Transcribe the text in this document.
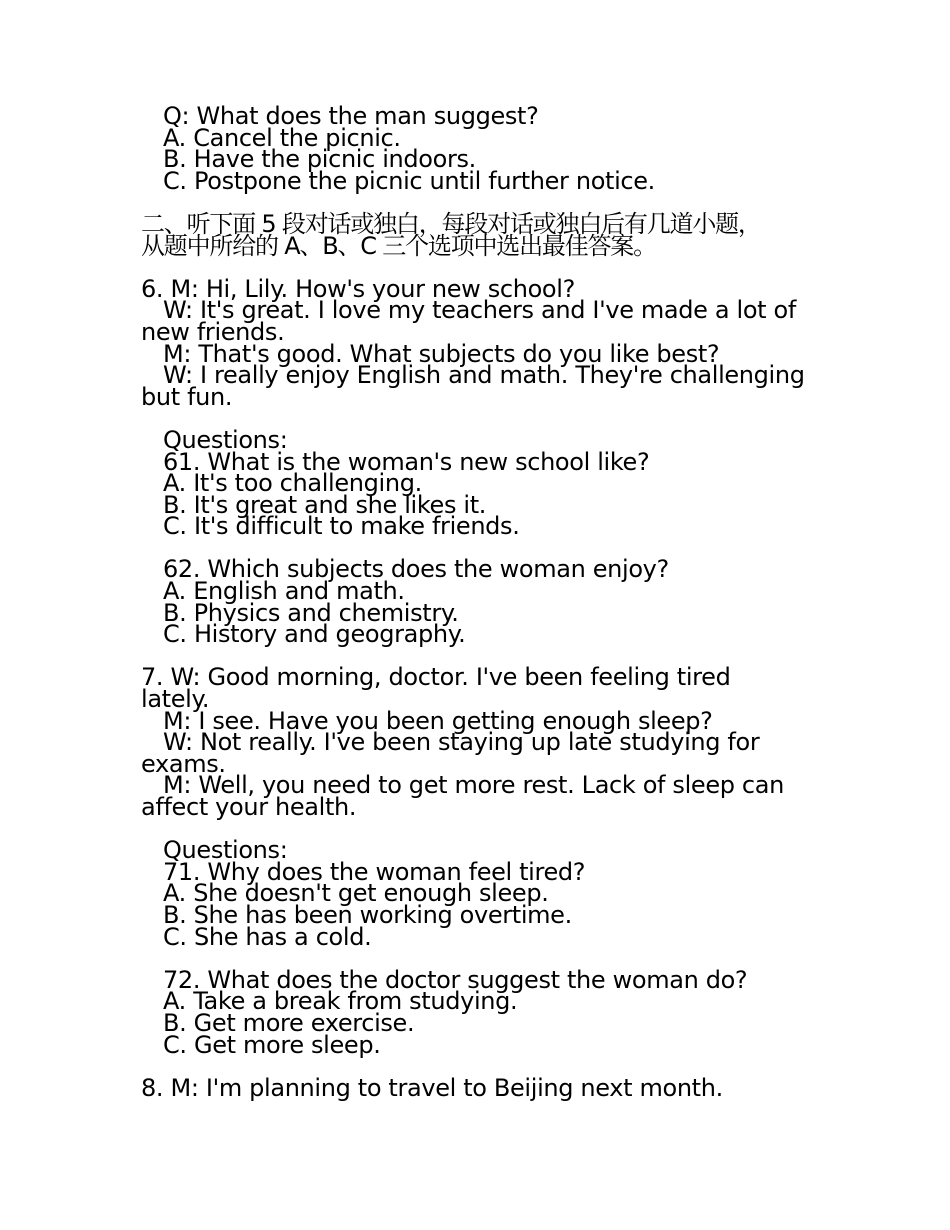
Q: What does the man suggest?
A. Cancel the picnic.
B. Have the picnic indoors.
C. Postpone the picnic until further notice.
二、听下面 5 段对话或独白，每段对话或独白后有几道小题，
从题中所给的 A、B、C 三个选项中选出最佳答案。
6. M: Hi, Lily. How's your new school?
W: It's great. I love my teachers and I've made a lot of
new friends.
M: That's good. What subjects do you like best?
W: I really enjoy English and math. They're challenging
but fun.
Questions:
61. What is the woman's new school like?
A. It's too challenging.
B. It's great and she likes it.
C. It's difficult to make friends.
62. Which subjects does the woman enjoy?
A. English and math.
B. Physics and chemistry.
C. History and geography.
7. W: Good morning, doctor. I've been feeling tired
lately.
M: I see. Have you been getting enough sleep?
W: Not really. I've been staying up late studying for
exams.
M: Well, you need to get more rest. Lack of sleep can
affect your health.
Questions:
71. Why does the woman feel tired?
A. She doesn't get enough sleep.
B. She has been working overtime.
C. She has a cold.
72. What does the doctor suggest the woman do?
A. Take a break from studying.
B. Get more exercise.
C. Get more sleep.
8. M: I'm planning to travel to Beijing next month.
